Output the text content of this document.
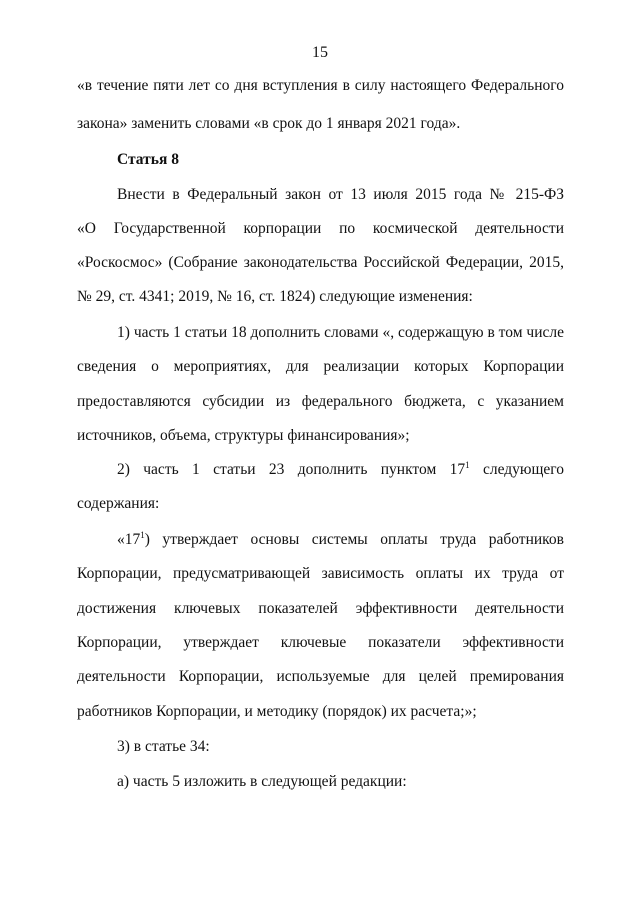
15
«в течение пяти лет со дня вступления в силу настоящего Федерального
закона» заменить словами «в срок до 1 января 2021 года».
Статья 8
Внести в Федеральный закон от 13 июля 2015 года № 215-ФЗ
«О Государственной корпорации по космической деятельности
«Роскосмос» (Собрание законодательства Российской Федерации, 2015,
№ 29, ст. 4341; 2019, № 16, ст. 1824) следующие изменения:
1) часть 1 статьи 18 дополнить словами «, содержащую в том числе
сведения о мероприятиях, для реализации которых Корпорации
предоставляются субсидии из федерального бюджета, с указанием
источников, объема, структуры финансирования»;
2) часть 1 статьи 23 дополнить пунктом $17^1$ следующего
содержания:
«$17^1$) утверждает основы системы оплаты труда работников
Корпорации, предусматривающей зависимость оплаты их труда от
достижения ключевых показателей эффективности деятельности
Корпорации, утверждает ключевые показатели эффективности
деятельности Корпорации, используемые для целей премирования
работников Корпорации, и методику (порядок) их расчета;»;
3) в статье 34:
а) часть 5 изложить в следующей редакции:
